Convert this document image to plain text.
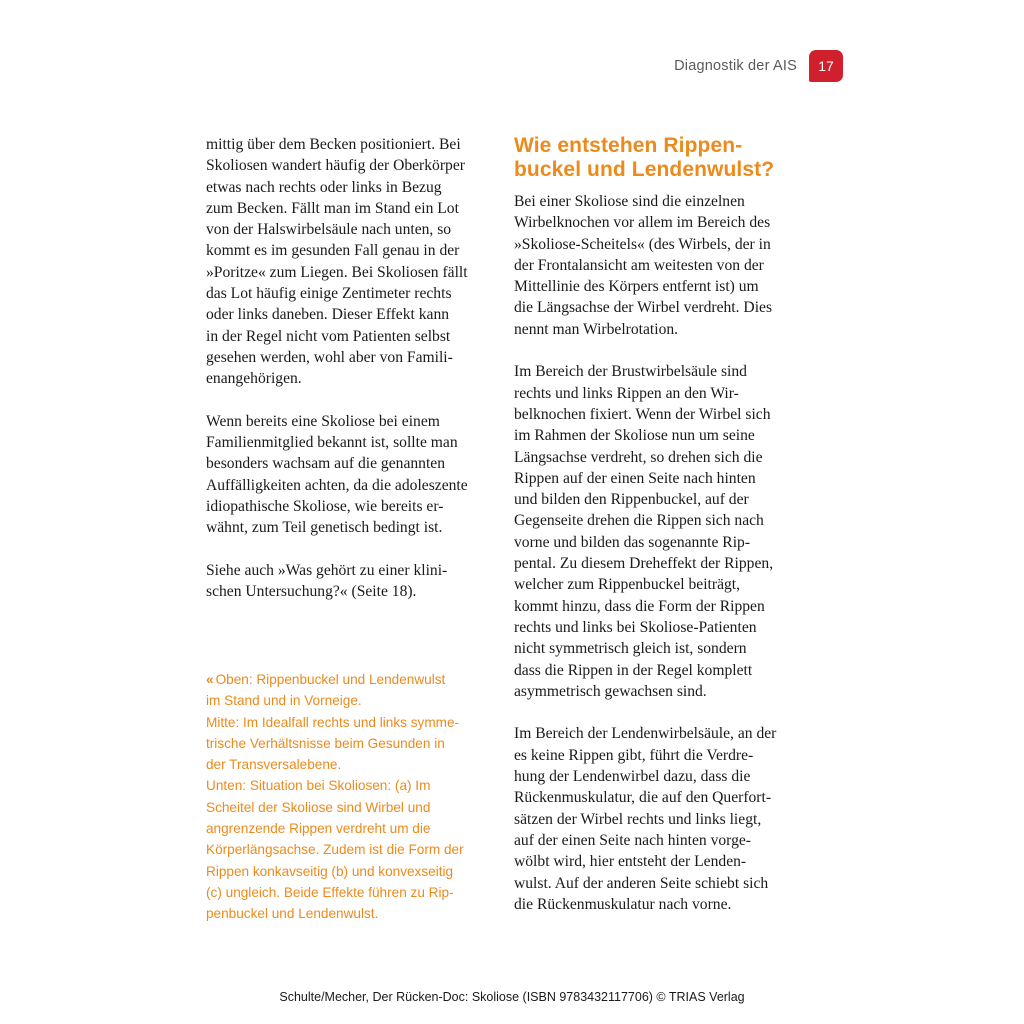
Diagnostik der AIS	17

mittig über dem Becken positioniert. Bei
Skoliosen wandert häufig der Oberkörper
etwas nach rechts oder links in Bezug
zum Becken. Fällt man im Stand ein Lot
von der Halswirbelsäule nach unten, so
kommt es im gesunden Fall genau in der
»Poritze« zum Liegen. Bei Skoliosen fällt
das Lot häufig einige Zentimeter rechts
oder links daneben. Dieser Effekt kann
in der Regel nicht vom Patienten selbst
gesehen werden, wohl aber von Famili-
enangehörigen.

Wenn bereits eine Skoliose bei einem
Familienmitglied bekannt ist, sollte man
besonders wachsam auf die genannten
Auffälligkeiten achten, da die adoleszente
idiopathische Skoliose, wie bereits er-
wähnt, zum Teil genetisch bedingt ist.

Siehe auch »Was gehört zu einer klini-
schen Untersuchung?« (Seite 18).

« Oben: Rippenbuckel und Lendenwulst
im Stand und in Vorneige.
Mitte: Im Idealfall rechts und links symme-
trische Verhältsnisse beim Gesunden in
der Transversalebene.
Unten: Situation bei Skoliosen: (a) Im
Scheitel der Skoliose sind Wirbel und
angrenzende Rippen verdreht um die
Körperlängsachse. Zudem ist die Form der
Rippen konkavseitig (b) und konvexseitig
(c) ungleich. Beide Effekte führen zu Rip-
penbuckel und Lendenwulst.
Wie entstehen Rippen-
buckel und Lendenwulst?

Bei einer Skoliose sind die einzelnen
Wirbelknochen vor allem im Bereich des
»Skoliose-Scheitels« (des Wirbels, der in
der Frontalansicht am weitesten von der
Mittellinie des Körpers entfernt ist) um
die Längsachse der Wirbel verdreht. Dies
nennt man Wirbelrotation.

Im Bereich der Brustwirbelsäule sind
rechts und links Rippen an den Wir-
belknochen fixiert. Wenn der Wirbel sich
im Rahmen der Skoliose nun um seine
Längsachse verdreht, so drehen sich die
Rippen auf der einen Seite nach hinten
und bilden den Rippenbuckel, auf der
Gegenseite drehen die Rippen sich nach
vorne und bilden das sogenannte Rip-
pental. Zu diesem Dreheffekt der Rippen,
welcher zum Rippenbuckel beiträgt,
kommt hinzu, dass die Form der Rippen
rechts und links bei Skoliose-Patienten
nicht symmetrisch gleich ist, sondern
dass die Rippen in der Regel komplett
asymmetrisch gewachsen sind.

Im Bereich der Lendenwirbelsäule, an der
es keine Rippen gibt, führt die Verdre-
hung der Lendenwirbel dazu, dass die
Rückenmuskulatur, die auf den Querfort-
sätzen der Wirbel rechts und links liegt,
auf der einen Seite nach hinten vorge-
wölbt wird, hier entsteht der Lenden-
wulst. Auf der anderen Seite schiebt sich
die Rückenmuskulatur nach vorne.

Schulte/Mecher, Der Rücken-Doc: Skoliose (ISBN 9783432117706) © TRIAS Verlag
